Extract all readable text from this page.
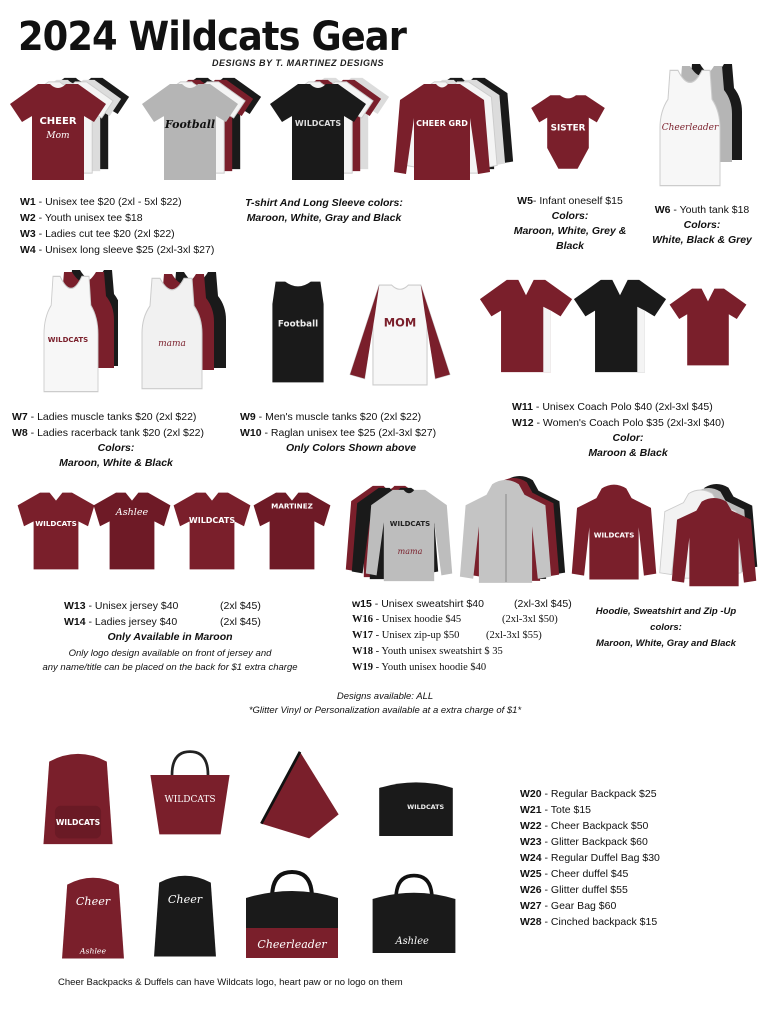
2024 Wildcats Gear
DESIGNS BY T. MARTINEZ DESIGNS
CHEER
Mom
Football	WILDCATS	CHEER GRD	SISTER	Cheerleader
W1 - Unisex tee $20 (2xl - 5xl $22)
W2 - Youth unisex tee $18
W3 - Ladies cut tee $20 (2xl $22)
W4 - Unisex long sleeve $25 (2xl-3xl $27)
T-shirt And Long Sleeve colors:
Maroon, White, Gray and Black
W5- Infant oneself $15
Colors:
Maroon, White, Grey &
Black
W6 - Youth tank $18
Colors:
White, Black & Grey
WILDCATS	mama
Football	MOM
W7 - Ladies muscle tanks $20 (2xl $22)
W8 - Ladies racerback tank $20 (2xl $22)
Colors:
Maroon, White & Black
W9 - Men's muscle tanks $20 (2xl $22)
W10 - Raglan unisex tee $25 (2xl-3xl $27)
Only Colors Shown above
W11 - Unisex Coach Polo $40 (2xl-3xl $45)
W12 - Women's Coach Polo $35 (2xl-3xl $40)
Color:
Maroon & Black
WILDCATS
Ashlee
WILDCATS
MARTINEZ
WILDCATS
mama
WILDCATS
W13 - Unisex jersey $40	(2xl $45)
W14 - Ladies jersey $40	(2xl $45)
Only Available in Maroon
Only logo design available on front of jersey and
any name/title can be placed on the back for $1 extra charge
w15 - Unisex sweatshirt $40	(2xl-3xl $45)
W16 - Unisex hoodie $45	(2xl-3xl $50)
W17 - Unisex zip-up $50	(2xl-3xl $55)
W18 - Youth unisex sweatshirt $ 35
W19 - Youth unisex hoodie $40
Hoodie, Sweatshirt and Zip -Up
colors:
Maroon, White, Gray and Black
Designs available: ALL
*Glitter Vinyl or Personalization available at a extra charge of $1*
WILDCATS
WILDCATS
WILDCATS
Cheer
Ashlee
Cheer
Cheerleader	Ashlee
W20 - Regular Backpack $25
W21 - Tote $15
W22 - Cheer Backpack $50
W23 - Glitter Backpack $60
W24 - Regular Duffel Bag $30
W25 - Cheer duffel $45
W26 - Glitter duffel $55
W27 - Gear Bag $60
W28 - Cinched backpack $15
Cheer Backpacks & Duffels can have Wildcats logo, heart paw or no logo on them
